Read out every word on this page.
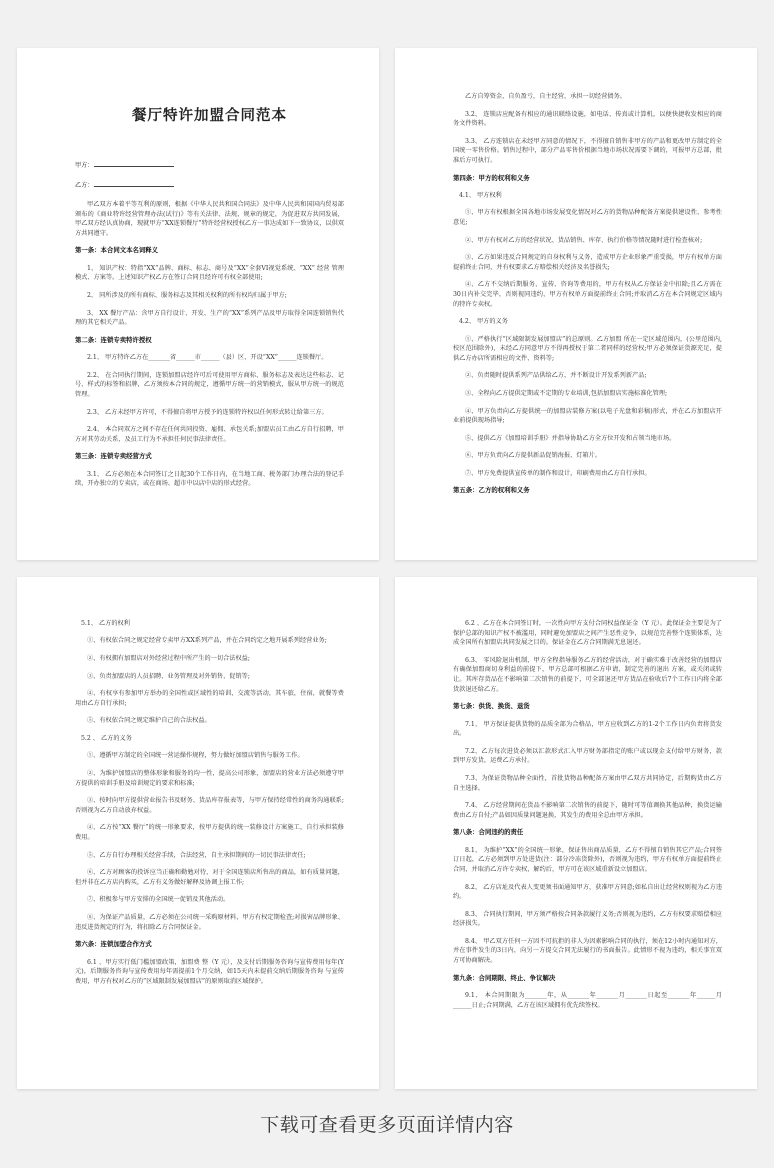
餐厅特许加盟合同范本
甲方：
乙方：

甲乙双方本着平等互利的原则，根据《中华人民共和国合同法》及中华人民共和国国内贸易部颁布的《商业特许经营管理办法(试行)》等有关法律、法规、规章的规定，为促进双方共同发展，甲乙双方经认真协商，现就甲方“XX连锁餐厅”特许经营权授权乙方一事达成如下一致协议，以供双方共同遵守。

第一条：本合同文本名词释义

1、 知识产权：特指“XX”品牌、商标、标志、商号及“XX”全套VI视觉系统、“XX” 经营 管理模式、方案等。上述知识产权乙方在签订合同且经许可有权全部使用;

2、 同所涉及的所有商标、服务标志及其相关权利的所有权均归属于甲方;

3、 XX 餐厅产品：含甲方自行设计、开发、生产的“XX”系列产品及甲方取得全国连锁销售代理的其它相关产品。

第二条：连锁专卖特许授权

2.1、 甲方特许乙方在_______省______市______（县）区，开设“XX”______连锁餐厅。

2.2、 在合同执行期间，连锁加盟店经许可后可使用甲方商标、服务标志及表达这些标志、记号、样式的标签和招牌，乙方须按本合同的规定，遵循甲方统一的营销模式，服从甲方统一的规范管理。

2.3、 乙方未经甲方许可，不得擅自将甲方授予的连锁特许权以任何形式转让给第三方。

2.4、 本合同双方之间不存在任何共同投资、雇佣、承包关系;加盟店员工由乙方自行招聘，甲方对其劳动关系，及员工行为不承担任何民事法律责任。

第三条：连锁专卖经营方式

3.1、 乙方必须在本合同签订之日起30个工作日内，在当地工商、税务部门办理合法的登记手续，开办独立的专卖店，或在商场、超市中以店中店的形式经营。

乙方自筹资金，自负盈亏，自主经营，承担一切经营债务。

3.2、 连锁店应配备有相应的通讯联络设施，如电话、传真或计算机，以便快捷收发相应的商务文件资料。

3.3、 乙方连锁店在未经甲方同意的情况下，不得擅自销售非甲方的产品和更改甲方制定的全国统一零售价格。销售过程中，部分产品零售价根据当地市场状况需要下调的，可报甲方总部，批准后方可执行。

第四条：甲方的权利和义务

4.1、 甲方权利

①、甲方有权根据全国各地市场发展变化情况对乙方的货物品种配备方案提供建设性、参考性意见;

②、甲方有权对乙方的经营状况、货品销售、库存、执行价格等情况随时进行检查核对;

③、乙方如果违反合同规定的自身权利与义务，造成甲方企业形象严重受损，甲方有权单方面提前终止合同，并有权要求乙方赔偿相关经济及名誉损失;

④、乙方不交纳后期服务、宣传、咨询等费用的，甲方有权从乙方保证金中扣除;且乙方需在30日内补交完毕，否则视同违约，甲方有权单方面提前终止合同;并取消乙方在本合同规定区域内的特许专卖权。

4.2、 甲方的义务

①、严格执行“区域限制发展加盟店”的总原则。乙方加盟 所在一定区域范围内，(公里范围内,校区范围除外)，未经乙方同意甲方不得再授权于第二者同样的经营权;甲方必须保证货源充足，提供乙方办店所需相应的文件、资料等;

②、负责随时提供系列产品供给乙方，并不断设计开发系列新产品;

③、全程向乙方提供定期或不定期的专业培训,包括加盟店实施标准化管理;

④、甲方负责向乙方提供统一的加盟店装修方案(以电子光盘和彩稿)形式，并在乙方加盟店开业前提供现场指导;

⑤、提供乙方《加盟培训手册》并指导协助乙方全方位开发和占领当地市场。

⑥、甲方负责向乙方提供新品促销海报、灯箱片。

⑦、甲方免费提供宣传单的制作和设计，印刷费用由乙方自行承担。

第五条：乙方的权利和义务

5.1、 乙方的权利

①、有权依合同之规定经营专卖甲方XX系列产品，并在合同约定之地开展系列经营业务;

②、有权拥有加盟店对外经营过程中所产生的一切合法权益;

③、负责加盟店的人员招聘、业务管理及对外销售、促销等;

④、有权享有参加甲方举办的全国性或区域性的培训，交流等活动，其车旅，住宿，就餐等费用由乙方自行承担;

⑤、有权依合同之规定维护自己的合法权益。

5.2 、 乙方的义务

①、遵循甲方制定的全国统一营运操作规程，努力做好加盟店销售与服务工作。

②、为维护加盟店的整体形象和服务的均一性，提高公司形象，加盟店的营业方法必须遵守甲方提供的培训手册及培训规定的要求和标准;

③、按时向甲方提供营业报告书及财务、货品库存报表等，与甲方保持经常性的商务沟通联系;否则视为乙方自动放弃权益。

④、乙方按“XX 餐厅”的统一形象要求，按甲方提供的统一装修设计方案施工，自行承担装修费用。

⑤、乙方自行办理相关经营手续，合法经营，自主承担期间的一切民事法律责任;

⑥、乙方对顾客的投诉应当正确和勤勉对待，对于全国连锁店所售出的商品，如有质量问题，但并非在乙方店内购买，乙方有义务做好解释及协调上报工作;

⑦、积极参与甲方安排的全国统一促销及其他活动。

⑧、为保证产品质量，乙方必须在公司统一采购原材料，甲方有权定期检查;对损害品牌形象、违反进货规定的行为，将扣除乙方合同保证金。

第六条：连锁加盟合作方式

6.1 、甲方实行低门槛加盟政策，加盟费 整（Y 元），及支付后期服务咨询与宣传费用每年(Y 元)，后期服务咨询与宣传费用每年需提前1个月交纳，如15天内未提前交纳后期服务咨询 与宣传费用，甲方有权对乙方的“区域限制发展加盟店”的原则取消区域保护。

6.2 、乙方在本合同签订时，一次性向甲方支付合同权益保证金（Y 元）。此保证金主要是为了保护总部的知识产权不被滥用，同时避免加盟店之间产生恶性竞争，以规范完善整个连锁体系，达成全国所有加盟店共同发展之目的。保证金在乙方合同期满无息退还。

6.3、 零风险退出机制，甲方全程指导服务乙方的经营活动，对于确实难于改善经营的加盟店有确保加盟商切身利益的前提下，甲方总部可根据乙方申请，制定完善的退出 方案，或关闭或转让。其库存货品在不影响第二次销售的前提下，可全部退还甲方货品在验收后7个工作日内将全部货款退还给乙方。

第七条：供货、换货、退货

7.1、 甲方保证提供货物的品质全部为合格品，甲方应收到乙方的1-2个工作日内负责将货发出。

7.2、乙方每次进货必须以汇款形式汇入甲方财务部指定的账户或以现金支付给甲方财务，款到甲方发货，运费乙方承付。

7.3、为保证货物品种全面性，首批货物品种配备方案由甲乙双方共同协定，后期购货由乙方自主选择。

7.4、 乙方经营期间在货品不影响第二次销售的前提下，随时可等值调换其他品种，换货运输费由乙方自付;产品如因质量问题退换，其发生的费用全总由甲方承担。

第八条：合同违约的责任

8.1、 为维护“XX”的全国统一形象，保证售出商品质量，乙方不得擅自销售其它产品;合同签订日起，乙方必须到甲方处进货(注：部分冷冻货除外)，否则视为违约，甲方有权单方面提前终止合同，并取消乙方许专卖权，解约后，甲方可在该区域重新设立加盟店。

8.2、 乙方店址及代表人变更须书面通知甲方，获准甲方同意;如私自出让经营权则视为乙方违约。

8.3、 合同执行期间，甲方须严格按合同条款履行义务;否则视为违约，乙方有权要求赔偿相应经济损失。

8.4、 甲乙双方任何一方因不可抗拒的非人为因素影响合同的执行，须在12小时内通知对方，并在事件发生的3日内，向另一方提交合同无法履行的书面报告。此情形不视为违约，相关事宜双方可协商解决。

第九条：合同期限、终止、争议解决

9.1、 本合同期限为_______年，从_______年_______月_______日起至_______年______月______日止;合同期满，乙方在该区域拥有优先续签权。

下载可查看更多页面详情内容
